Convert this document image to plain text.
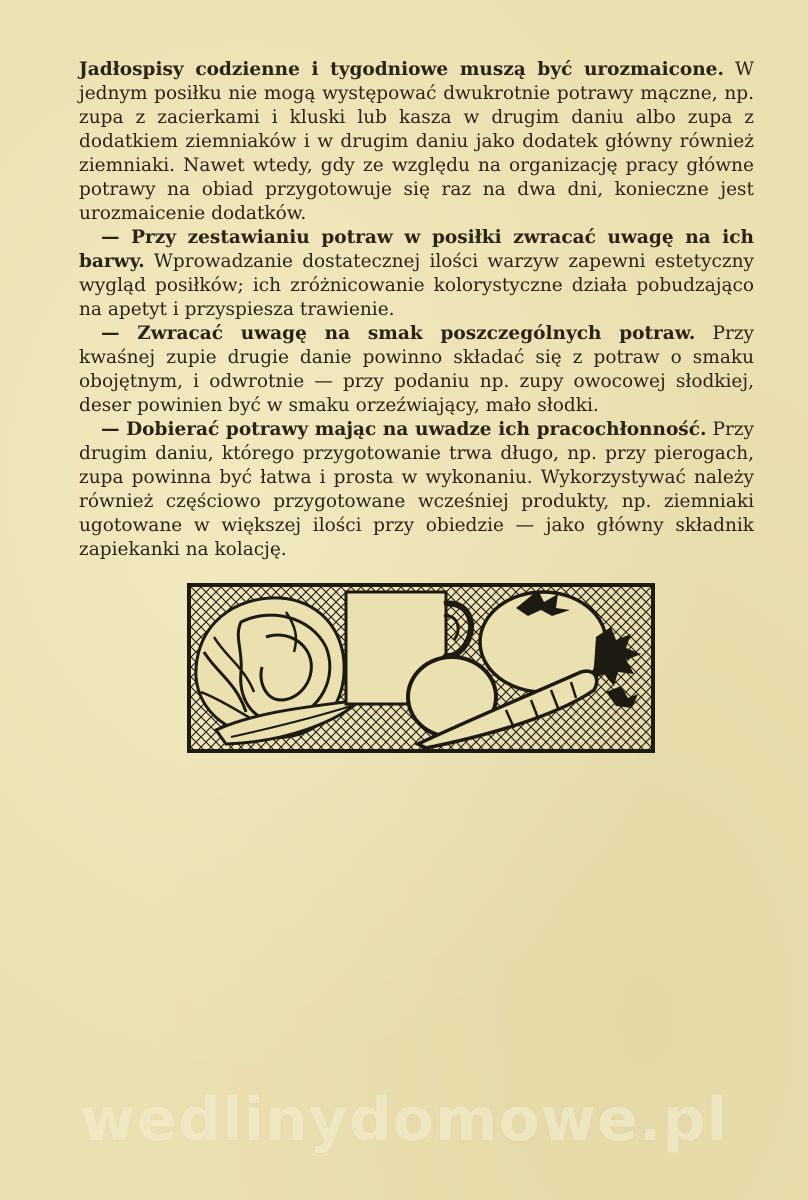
Jadłospisy codzienne i tygodniowe muszą być urozmaicone. W jednym posiłku nie mogą występować dwukrotnie potrawy mączne, np. zupa z zacierkami i kluski lub kasza w drugim daniu albo zupa z dodatkiem ziemniaków i w drugim daniu jako dodatek główny również ziemniaki. Nawet wtedy, gdy ze względu na organizację pracy główne potrawy na obiad przygotowuje się raz na dwa dni, konieczne jest urozmaicenie dodatków.

— Przy zestawianiu potraw w posiłki zwracać uwagę na ich barwy. Wprowadzanie dostatecznej ilości warzyw zapewni estetyczny wygląd posiłków; ich zróżnicowanie kolorystyczne działa pobudzająco na apetyt i przyspiesza trawienie.

— Zwracać uwagę na smak poszczególnych potraw. Przy kwaśnej zupie drugie danie powinno składać się z potraw o smaku obojętnym, i odwrotnie — przy podaniu np. zupy owocowej słodkiej, deser powinien być w smaku orzeźwiający, mało słodki.

— Dobierać potrawy mając na uwadze ich pracochłonność. Przy drugim daniu, którego przygotowanie trwa długo, np. przy pierogach, zupa powinna być łatwa i prosta w wykonaniu. Wykorzystywać należy również częściowo przygotowane wcześniej produkty, np. ziemniaki ugotowane w większej ilości przy obiedzie — jako główny składnik zapiekanki na kolację.

wedlinydomowe.pl
